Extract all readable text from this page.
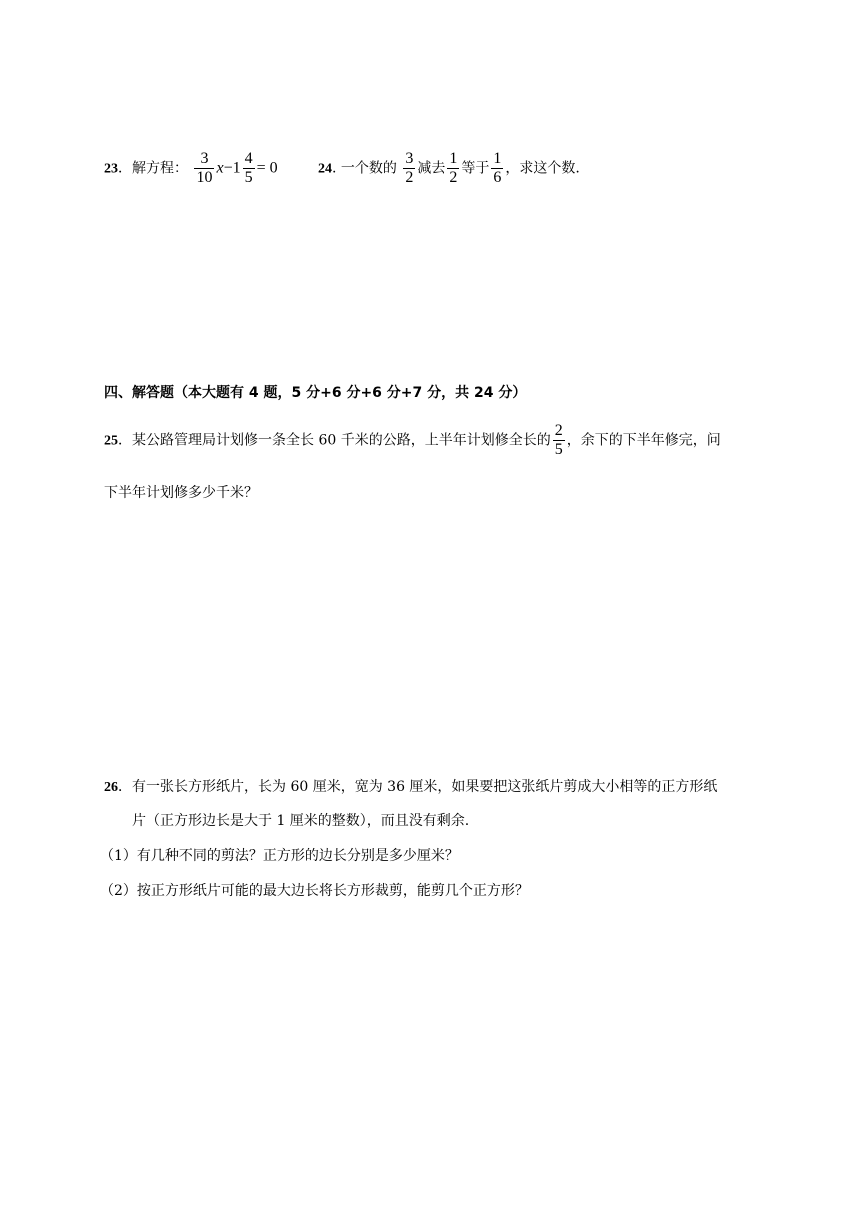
23．解方程： $\frac{3}{10} x-1 \frac{4}{5} = 0$	24. 一个数的 $\frac{3}{2}$ 减去 $\frac{1}{2}$ 等于 $\frac{1}{6}$ ，求这个数.
四、解答题（本大题有 4 题，5 分+6 分+6 分+7 分，共 24 分）
25．某公路管理局计划修一条全长 60 千米的公路，上半年计划修全长的 $\frac{2}{5}$ ，余下的下半年修完，问
下半年计划修多少千米？
26．有一张长方形纸片，长为 60 厘米，宽为 36 厘米，如果要把这张纸片剪成大小相等的正方形纸
片（正方形边长是大于 1 厘米的整数），而且没有剩余.
（1）有几种不同的剪法？正方形的边长分别是多少厘米？
（2）按正方形纸片可能的最大边长将长方形裁剪，能剪几个正方形？
